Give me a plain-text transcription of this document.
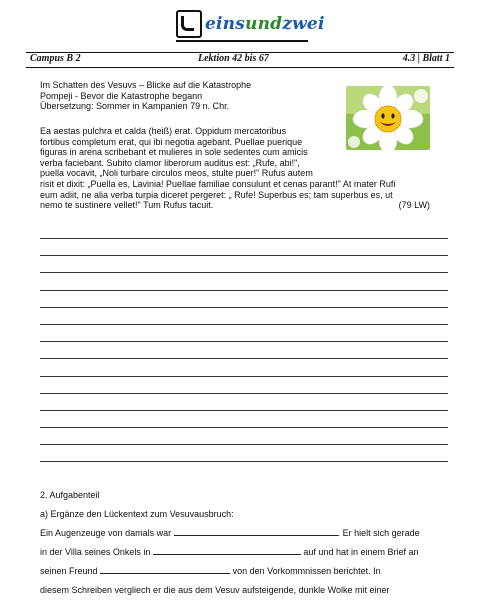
einsundzwei
Campus B 2	Lektion 42 bis 67	4.3 | Blatt 1
Im Schatten des Vesuvs – Blicke auf die Katastrophe
Pompeji - Bevor die Katastrophe begann
Übersetzung: Sommer in Kampanien 79 n. Chr.

Ea aestas pulchra et calda (heiß) erat. Oppidum mercatoribus

fortibus completum erat, qui ibi negotia agebant. Puellae puerique

figuras in arena scribebant et mulieres in sole sedentes cum amicis

verba faciebant. Subito clamor liberorum auditus est: „Rufe, abi!",

puella vocavit, „Noli turbare circulos meos, stulte puer!" Rufus autem

risit et dixit: „Puella es, Lavinia! Puellae familiae consulunt et cenas parant!" At mater Rufi

eum adiit, ne alia verba turpia diceret pergeret: „ Rufe! Superbus es; tam superbus es, ut

nemo te sustinere vellet!" Tum Rufus tacuit.	(79 LW)

2. Aufgabenteil
a) Ergänze den Lückentext zum Vesuvausbruch:
Ein Augenzeuge von damals war	. Er hielt sich gerade
in der Villa seines Onkels in	auf und hat in einem Brief an
seinen Freund	von den Vorkommnissen berichtet. In
diesem Schreiben vergliech er die aus dem Vesuv aufsteigende, dunkle Wolke mit einer
